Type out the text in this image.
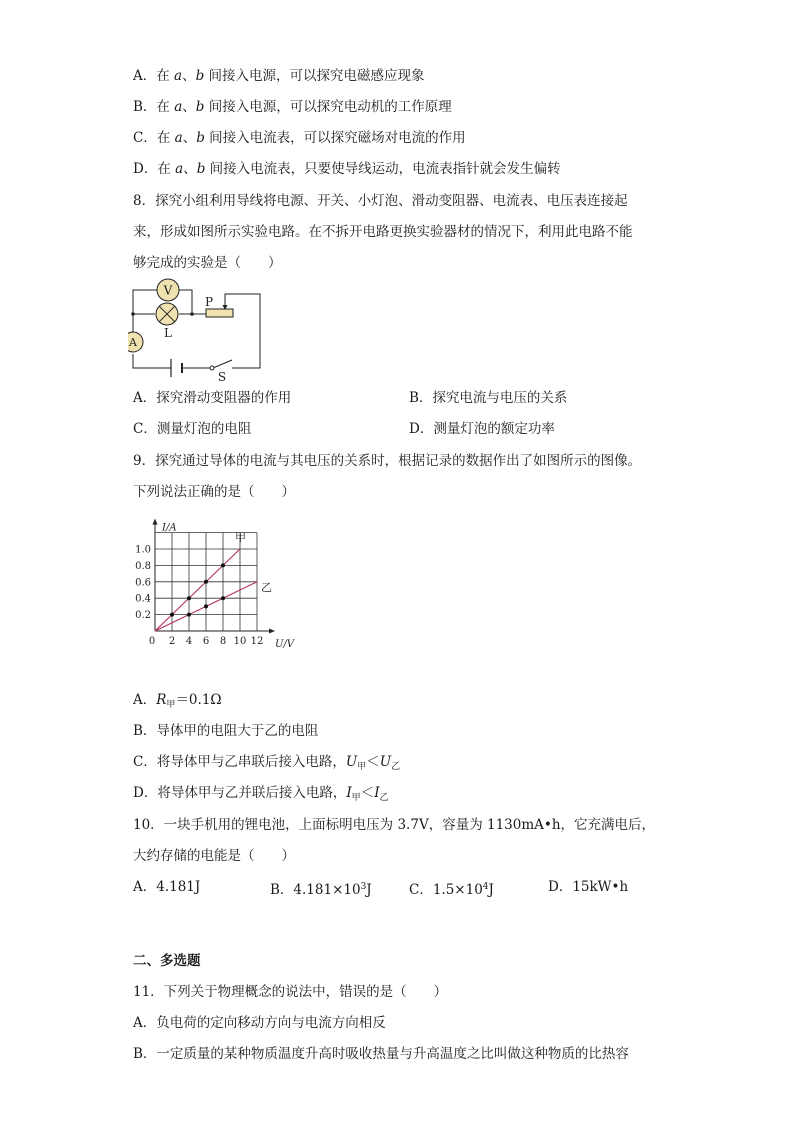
A．在 a、b 间接入电源，可以探究电磁感应现象
B．在 a、b 间接入电源，可以探究电动机的工作原理
C．在 a、b 间接入电流表，可以探究磁场对电流的作用
D．在 a、b 间接入电流表，只要使导线运动，电流表指针就会发生偏转
8．探究小组利用导线将电源、开关、小灯泡、滑动变阻器、电流表、电压表连接起
来，形成如图所示实验电路。在不拆开电路更换实验器材的情况下，利用此电路不能
够完成的实验是（　　）
V
A
L
P
S
A．探究滑动变阻器的作用	B．探究电流与电压的关系
C．测量灯泡的电阻	D．测量灯泡的额定功率
9．探究通过导体的电流与其电压的关系时，根据记录的数据作出了如图所示的图像。
下列说法正确的是（　　）
0 2 4 6 8 10 12
0.2
0.4
0.6
0.8
1.0
I/A
U/V
甲
乙
A．$R_甲=0.1\Omega$
B．导体甲的电阻大于乙的电阻
C．将导体甲与乙串联后接入电路，$U_甲<U_乙$
D．将导体甲与乙并联后接入电路，$I_甲<I_乙$
10．一块手机用的锂电池，上面标明电压为 3.7V，容量为 1130mA•h，它充满电后，
大约存储的电能是（　　）
A．4.181J	B．$4.181\times 10^3J$	C．$1.5\times 10^4J$	D．15kW•h
二、多选题
11．下列关于物理概念的说法中，错误的是（　　）
A．负电荷的定向移动方向与电流方向相反
B．一定质量的某种物质温度升高时吸收热量与升高温度之比叫做这种物质的比热容
